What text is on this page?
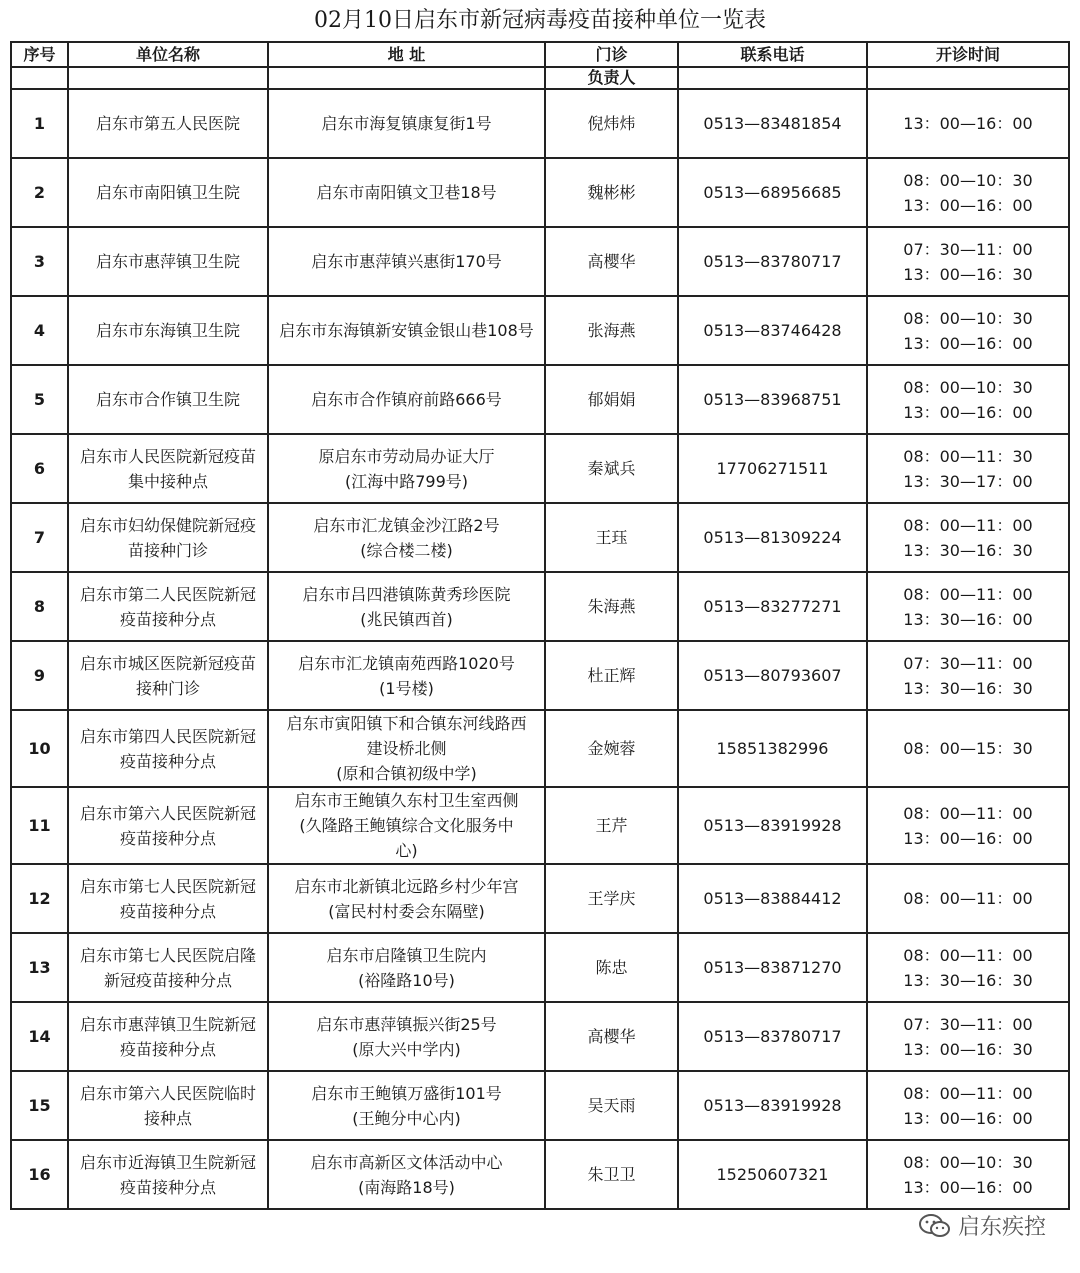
02月10日启东市新冠病毒疫苗接种单位一览表
序号	单位名称	地 址	门诊	联系电话	开诊时间
			负责人		

1	启东市第五人民医院	启东市海复镇康复街1号	倪炜炜	0513—83481854	13：00—16：00

2	启东市南阳镇卫生院	启东市南阳镇文卫巷18号	魏彬彬	0513—68956685	08：00—10：30
13：00—16：00

3	启东市惠萍镇卫生院	启东市惠萍镇兴惠街170号	高樱华	0513—83780717	07：30—11：00
13：00—16：30

4	启东市东海镇卫生院	启东市东海镇新安镇金银山巷108号	张海燕	0513—83746428	08：00—10：30
13：00—16：00

5	启东市合作镇卫生院	启东市合作镇府前路666号	郁娟娟	0513—83968751	08：00—10：30
13：00—16：00

6	启东市人民医院新冠疫苗
集中接种点	原启东市劳动局办证大厅
(江海中路799号)	秦斌兵	17706271511	08：00—11：30
13：30—17：00

7	启东市妇幼保健院新冠疫
苗接种门诊	启东市汇龙镇金沙江路2号
(综合楼二楼)	王珏	0513—81309224	08：00—11：00
13：30—16：30

8	启东市第二人民医院新冠
疫苗接种分点	启东市吕四港镇陈黄秀珍医院
(兆民镇西首)	朱海燕	0513—83277271	08：00—11：00
13：30—16：00

9	启东市城区医院新冠疫苗
接种门诊	启东市汇龙镇南苑西路1020号
(1号楼)	杜正辉	0513—80793607	07：30—11：00
13：30—16：30

10	启东市第四人民医院新冠
疫苗接种分点	启东市寅阳镇下和合镇东河线路西
建设桥北侧
(原和合镇初级中学)	金婉蓉	15851382996	08：00—15：30

11	启东市第六人民医院新冠
疫苗接种分点	启东市王鲍镇久东村卫生室西侧
(久隆路王鲍镇综合文化服务中
心)	王芹	0513—83919928	08：00—11：00
13：00—16：00

12	启东市第七人民医院新冠
疫苗接种分点	启东市北新镇北远路乡村少年宫
(富民村村委会东隔壁)	王学庆	0513—83884412	08：00—11：00

13	启东市第七人民医院启隆
新冠疫苗接种分点	启东市启隆镇卫生院内
(裕隆路10号)	陈忠	0513—83871270	08：00—11：00
13：30—16：30

14	启东市惠萍镇卫生院新冠
疫苗接种分点	启东市惠萍镇振兴街25号
(原大兴中学内)	高樱华	0513—83780717	07：30—11：00
13：00—16：30

15	启东市第六人民医院临时
接种点	启东市王鲍镇万盛街101号
(王鲍分中心内)	吴天雨	0513—83919928	08：00—11：00
13：00—16：00

16	启东市近海镇卫生院新冠
疫苗接种分点	启东市高新区文体活动中心
(南海路18号)	朱卫卫	15250607321	08：00—10：30
13：00—16：00
启东疾控
